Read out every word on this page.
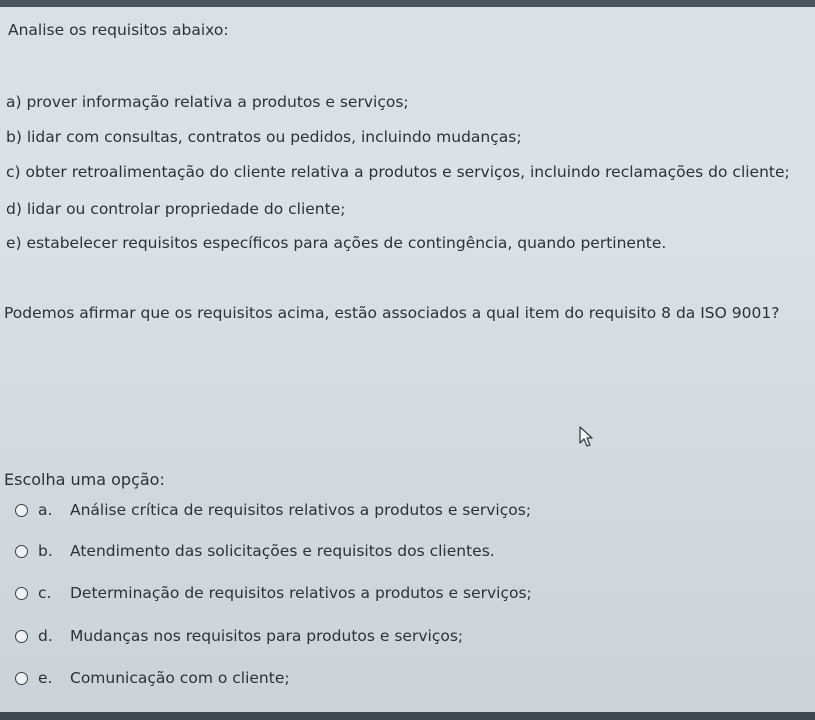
Analise os requisitos abaixo:
a) prover informação relativa a produtos e serviços;
b) lidar com consultas, contratos ou pedidos, incluindo mudanças;
c) obter retroalimentação do cliente relativa a produtos e serviços, incluindo reclamações do cliente;
d) lidar ou controlar propriedade do cliente;
e) estabelecer requisitos específicos para ações de contingência, quando pertinente.
Podemos afirmar que os requisitos acima, estão associados a qual item do requisito 8 da ISO 9001?
Escolha uma opção:
a.	Análise crítica de requisitos relativos a produtos e serviços;
b.	Atendimento das solicitações e requisitos dos clientes.
c.	Determinação de requisitos relativos a produtos e serviços;
d.	Mudanças nos requisitos para produtos e serviços;
e.	Comunicação com o cliente;
